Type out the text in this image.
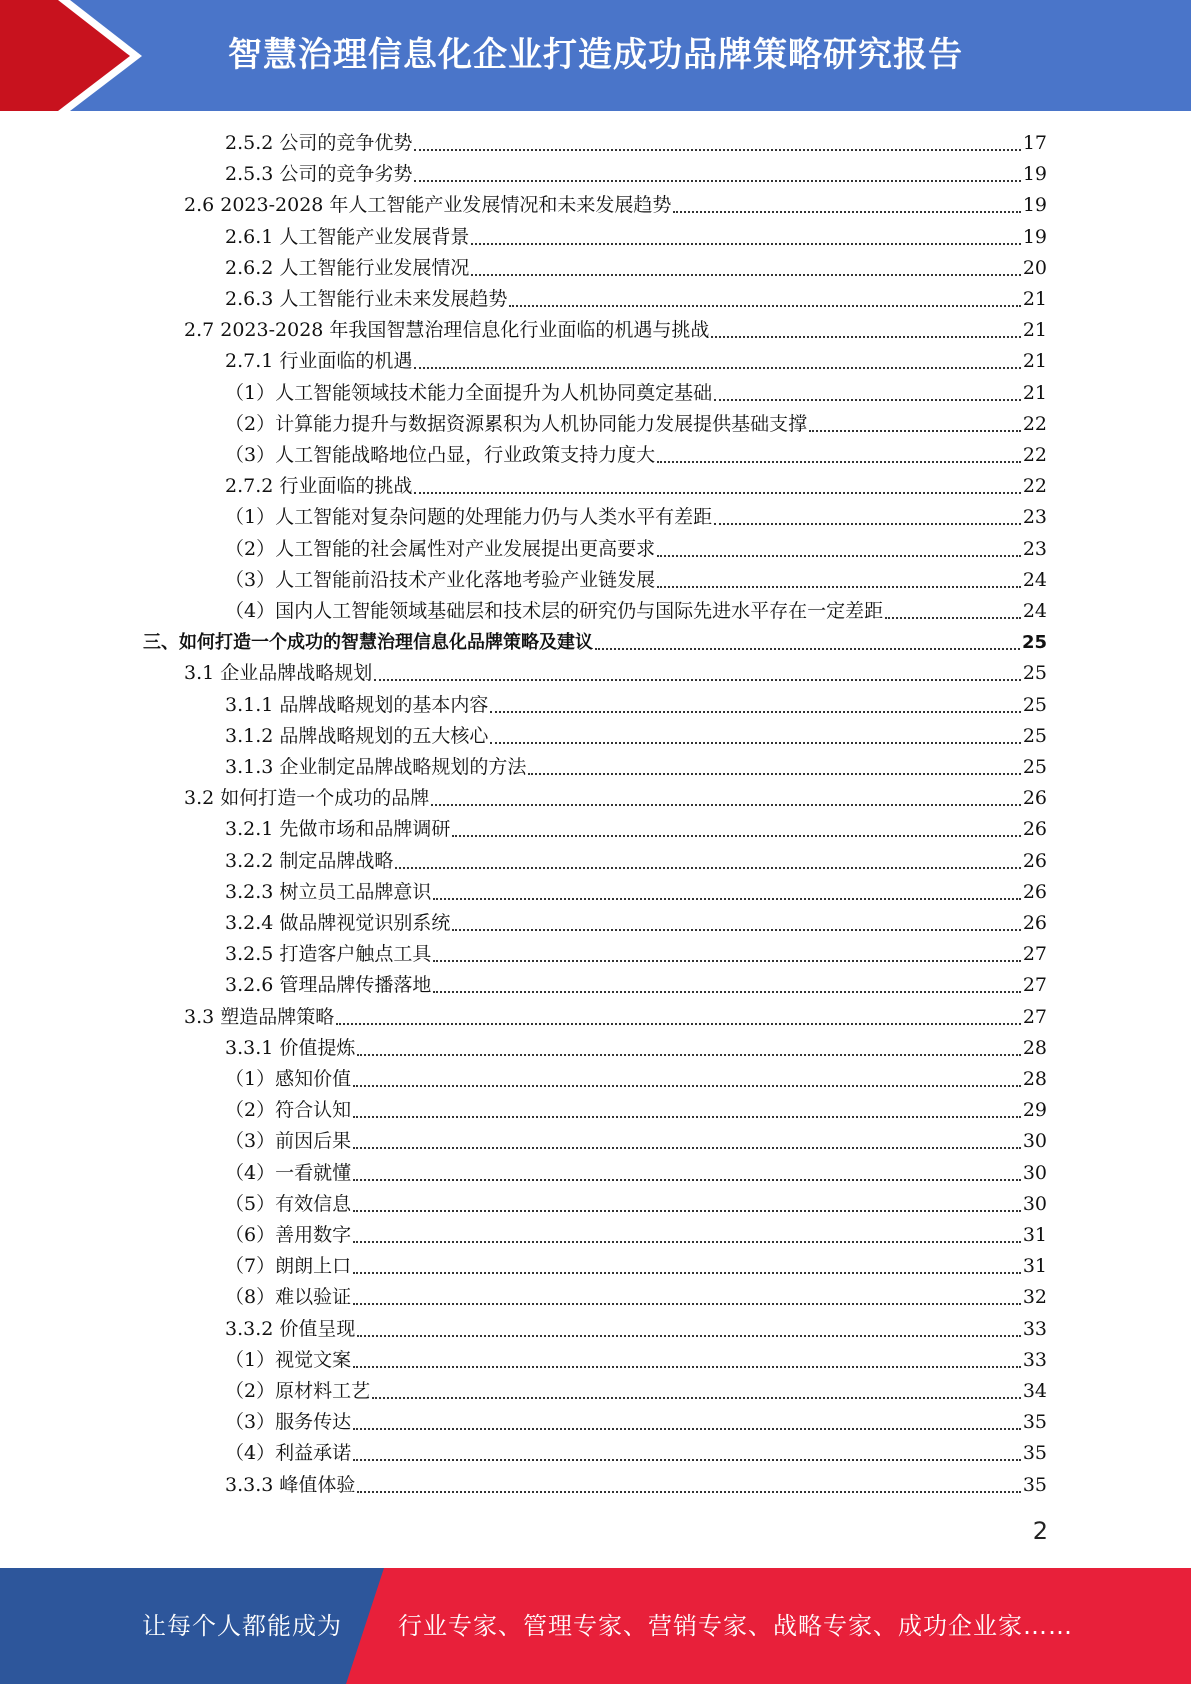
智慧治理信息化企业打造成功品牌策略研究报告
2.5.2 公司的竞争优势	17
2.5.3 公司的竞争劣势	19
2.6 2023-2028 年人工智能产业发展情况和未来发展趋势	19
2.6.1 人工智能产业发展背景	19
2.6.2 人工智能行业发展情况	20
2.6.3 人工智能行业未来发展趋势	21
2.7 2023-2028 年我国智慧治理信息化行业面临的机遇与挑战	21
2.7.1 行业面临的机遇	21
（1）人工智能领域技术能力全面提升为人机协同奠定基础	21
（2）计算能力提升与数据资源累积为人机协同能力发展提供基础支撑	22
（3）人工智能战略地位凸显，行业政策支持力度大	22
2.7.2 行业面临的挑战	22
（1）人工智能对复杂问题的处理能力仍与人类水平有差距	23
（2）人工智能的社会属性对产业发展提出更高要求	23
（3）人工智能前沿技术产业化落地考验产业链发展	24
（4）国内人工智能领域基础层和技术层的研究仍与国际先进水平存在一定差距	24
三、如何打造一个成功的智慧治理信息化品牌策略及建议	25
3.1 企业品牌战略规划	25
3.1.1 品牌战略规划的基本内容	25
3.1.2 品牌战略规划的五大核心	25
3.1.3 企业制定品牌战略规划的方法	25
3.2 如何打造一个成功的品牌	26
3.2.1 先做市场和品牌调研	26
3.2.2 制定品牌战略	26
3.2.3 树立员工品牌意识	26
3.2.4 做品牌视觉识别系统	26
3.2.5 打造客户触点工具	27
3.2.6 管理品牌传播落地	27
3.3 塑造品牌策略	27
3.3.1 价值提炼	28
（1）感知价值	28
（2）符合认知	29
（3）前因后果	30
（4）一看就懂	30
（5）有效信息	30
（6）善用数字	31
（7）朗朗上口	31
（8）难以验证	32
3.3.2 价值呈现	33
（1）视觉文案	33
（2）原材料工艺	34
（3）服务传达	35
（4）利益承诺	35
3.3.3 峰值体验	35
2
让每个人都能成为 行业专家、管理专家、营销专家、战略专家、成功企业家……
